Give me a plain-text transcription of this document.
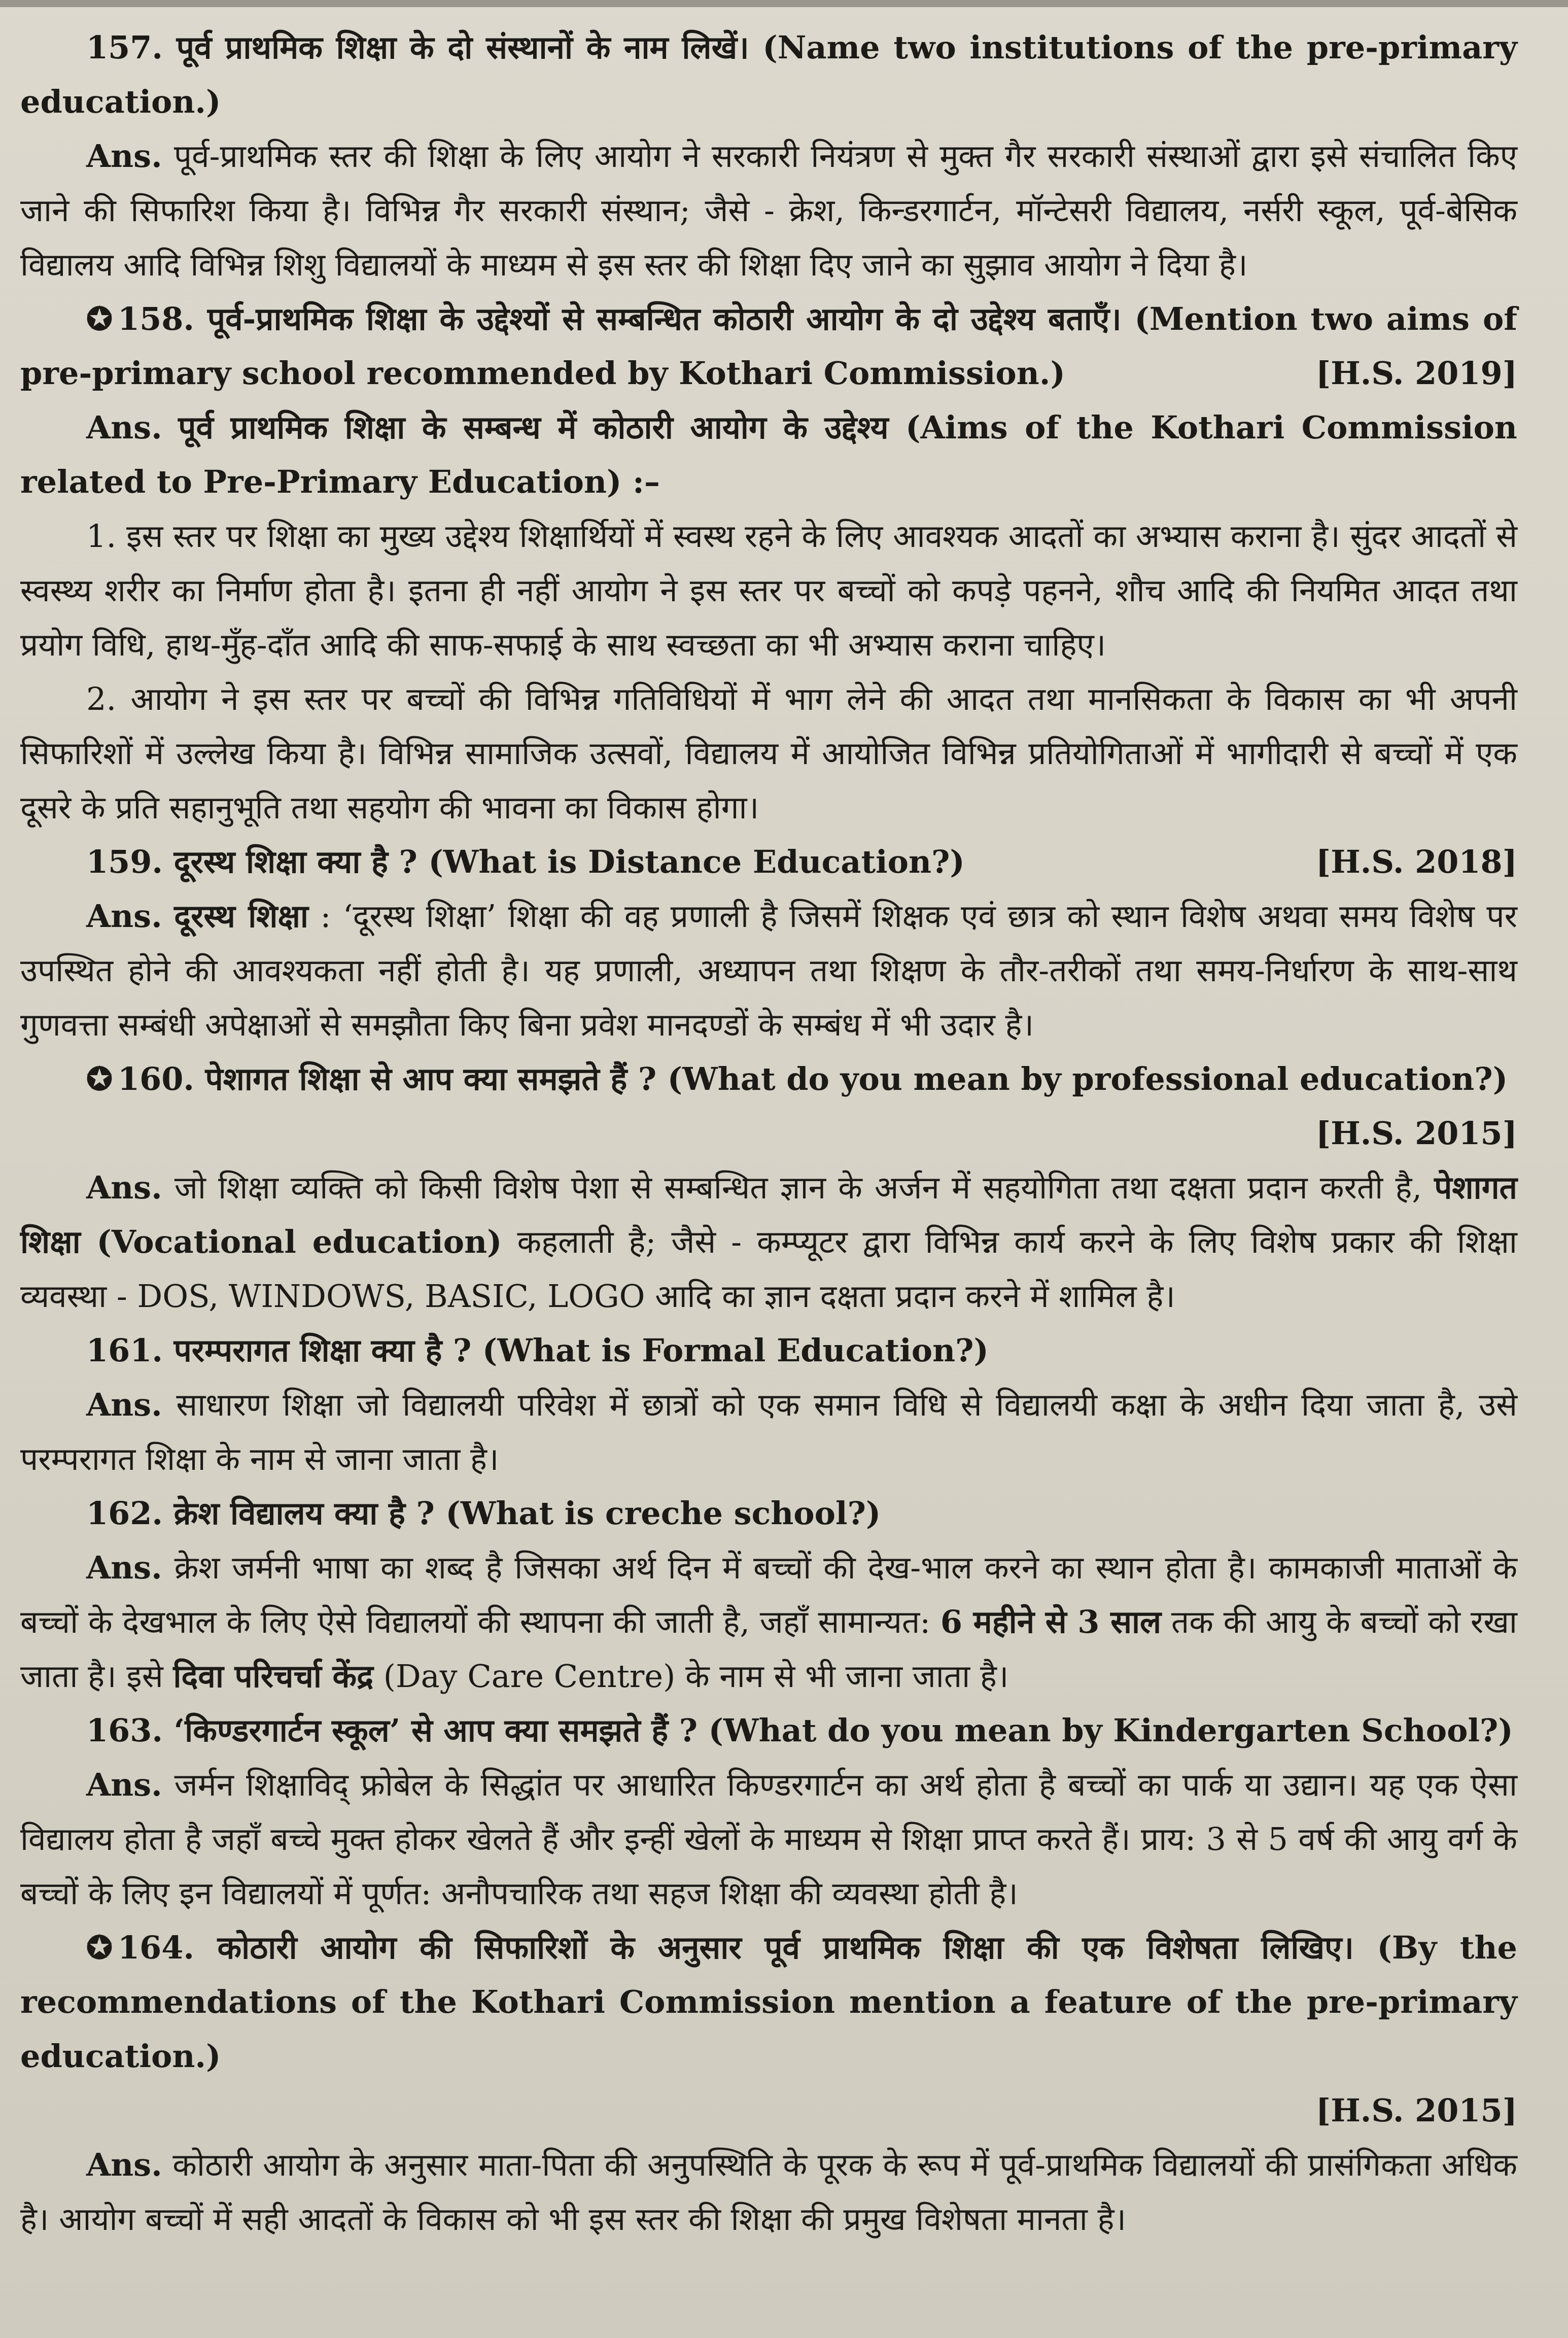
157. पूर्व प्राथमिक शिक्षा के दो संस्थानों के नाम लिखें। (Name two institutions of the pre-primary education.)

Ans. पूर्व-प्राथमिक स्तर की शिक्षा के लिए आयोग ने सरकारी नियंत्रण से मुक्त गैर सरकारी संस्थाओं द्वारा इसे संचालित किए जाने की सिफारिश किया है। विभिन्न गैर सरकारी संस्थान; जैसे - क्रेश, किन्डरगार्टन, मॉन्टेसरी विद्यालय, नर्सरी स्कूल, पूर्व-बेसिक विद्यालय आदि विभिन्न शिशु विद्यालयों के माध्यम से इस स्तर की शिक्षा दिए जाने का सुझाव आयोग ने दिया है।

✪ 158. पूर्व-प्राथमिक शिक्षा के उद्देश्यों से सम्बन्धित कोठारी आयोग के दो उद्देश्य बताएँ। (Mention two aims of pre-primary school recommended by Kothari Commission.)	[H.S. 2019]

Ans. पूर्व प्राथमिक शिक्षा के सम्बन्ध में कोठारी आयोग के उद्देश्य (Aims of the Kothari Commission related to Pre-Primary Education) :–

1. इस स्तर पर शिक्षा का मुख्य उद्देश्य शिक्षार्थियों में स्वस्थ रहने के लिए आवश्यक आदतों का अभ्यास कराना है। सुंदर आदतों से स्वस्थ्य शरीर का निर्माण होता है। इतना ही नहीं आयोग ने इस स्तर पर बच्चों को कपड़े पहनने, शौच आदि की नियमित आदत तथा प्रयोग विधि, हाथ-मुँह-दाँत आदि की साफ-सफाई के साथ स्वच्छता का भी अभ्यास कराना चाहिए।

2. आयोग ने इस स्तर पर बच्चों की विभिन्न गतिविधियों में भाग लेने की आदत तथा मानसिकता के विकास का भी अपनी सिफारिशों में उल्लेख किया है। विभिन्न सामाजिक उत्सवों, विद्यालय में आयोजित विभिन्न प्रतियोगिताओं में भागीदारी से बच्चों में एक दूसरे के प्रति सहानुभूति तथा सहयोग की भावना का विकास होगा।

159. दूरस्थ शिक्षा क्या है ? (What is Distance Education?)	[H.S. 2018]

Ans. दूरस्थ शिक्षा : ‘दूरस्थ शिक्षा’ शिक्षा की वह प्रणाली है जिसमें शिक्षक एवं छात्र को स्थान विशेष अथवा समय विशेष पर उपस्थित होने की आवश्यकता नहीं होती है। यह प्रणाली, अध्यापन तथा शिक्षण के तौर-तरीकों तथा समय-निर्धारण के साथ-साथ गुणवत्ता सम्बंधी अपेक्षाओं से समझौता किए बिना प्रवेश मानदण्डों के सम्बंध में भी उदार है।

✪ 160. पेशागत शिक्षा से आप क्या समझते हैं ? (What do you mean by professional education?)
[H.S. 2015]

Ans. जो शिक्षा व्यक्ति को किसी विशेष पेशा से सम्बन्धित ज्ञान के अर्जन में सहयोगिता तथा दक्षता प्रदान करती है, पेशागत शिक्षा (Vocational education) कहलाती है; जैसे - कम्प्यूटर द्वारा विभिन्न कार्य करने के लिए विशेष प्रकार की शिक्षा व्यवस्था - DOS, WINDOWS, BASIC, LOGO आदि का ज्ञान दक्षता प्रदान करने में शामिल है।

161. परम्परागत शिक्षा क्या है ? (What is Formal Education?)

Ans. साधारण शिक्षा जो विद्यालयी परिवेश में छात्रों को एक समान विधि से विद्यालयी कक्षा के अधीन दिया जाता है, उसे परम्परागत शिक्षा के नाम से जाना जाता है।

162. क्रेश विद्यालय क्या है ? (What is creche school?)

Ans. क्रेश जर्मनी भाषा का शब्द है जिसका अर्थ दिन में बच्चों की देख-भाल करने का स्थान होता है। कामकाजी माताओं के बच्चों के देखभाल के लिए ऐसे विद्यालयों की स्थापना की जाती है, जहाँ सामान्यत: 6 महीने से 3 साल तक की आयु के बच्चों को रखा जाता है। इसे दिवा परिचर्चा केंद्र (Day Care Centre) के नाम से भी जाना जाता है।

163. ‘किण्डरगार्टन स्कूल’ से आप क्या समझते हैं ? (What do you mean by Kindergarten School?)

Ans. जर्मन शिक्षाविद् फ्रोबेल के सिद्धांत पर आधारित किण्डरगार्टन का अर्थ होता है बच्चों का पार्क या उद्यान। यह एक ऐसा विद्यालय होता है जहाँ बच्चे मुक्त होकर खेलते हैं और इन्हीं खेलों के माध्यम से शिक्षा प्राप्त करते हैं। प्राय: 3 से 5 वर्ष की आयु वर्ग के बच्चों के लिए इन विद्यालयों में पूर्णत: अनौपचारिक तथा सहज शिक्षा की व्यवस्था होती है।

✪ 164. कोठारी आयोग की सिफारिशों के अनुसार पूर्व प्राथमिक शिक्षा की एक विशेषता लिखिए। (By the recommendations of the Kothari Commission mention a feature of the pre-primary education.)
[H.S. 2015]

Ans. कोठारी आयोग के अनुसार माता-पिता की अनुपस्थिति के पूरक के रूप में पूर्व-प्राथमिक विद्यालयों की प्रासंगिकता अधिक है। आयोग बच्चों में सही आदतों के विकास को भी इस स्तर की शिक्षा की प्रमुख विशेषता मानता है।
